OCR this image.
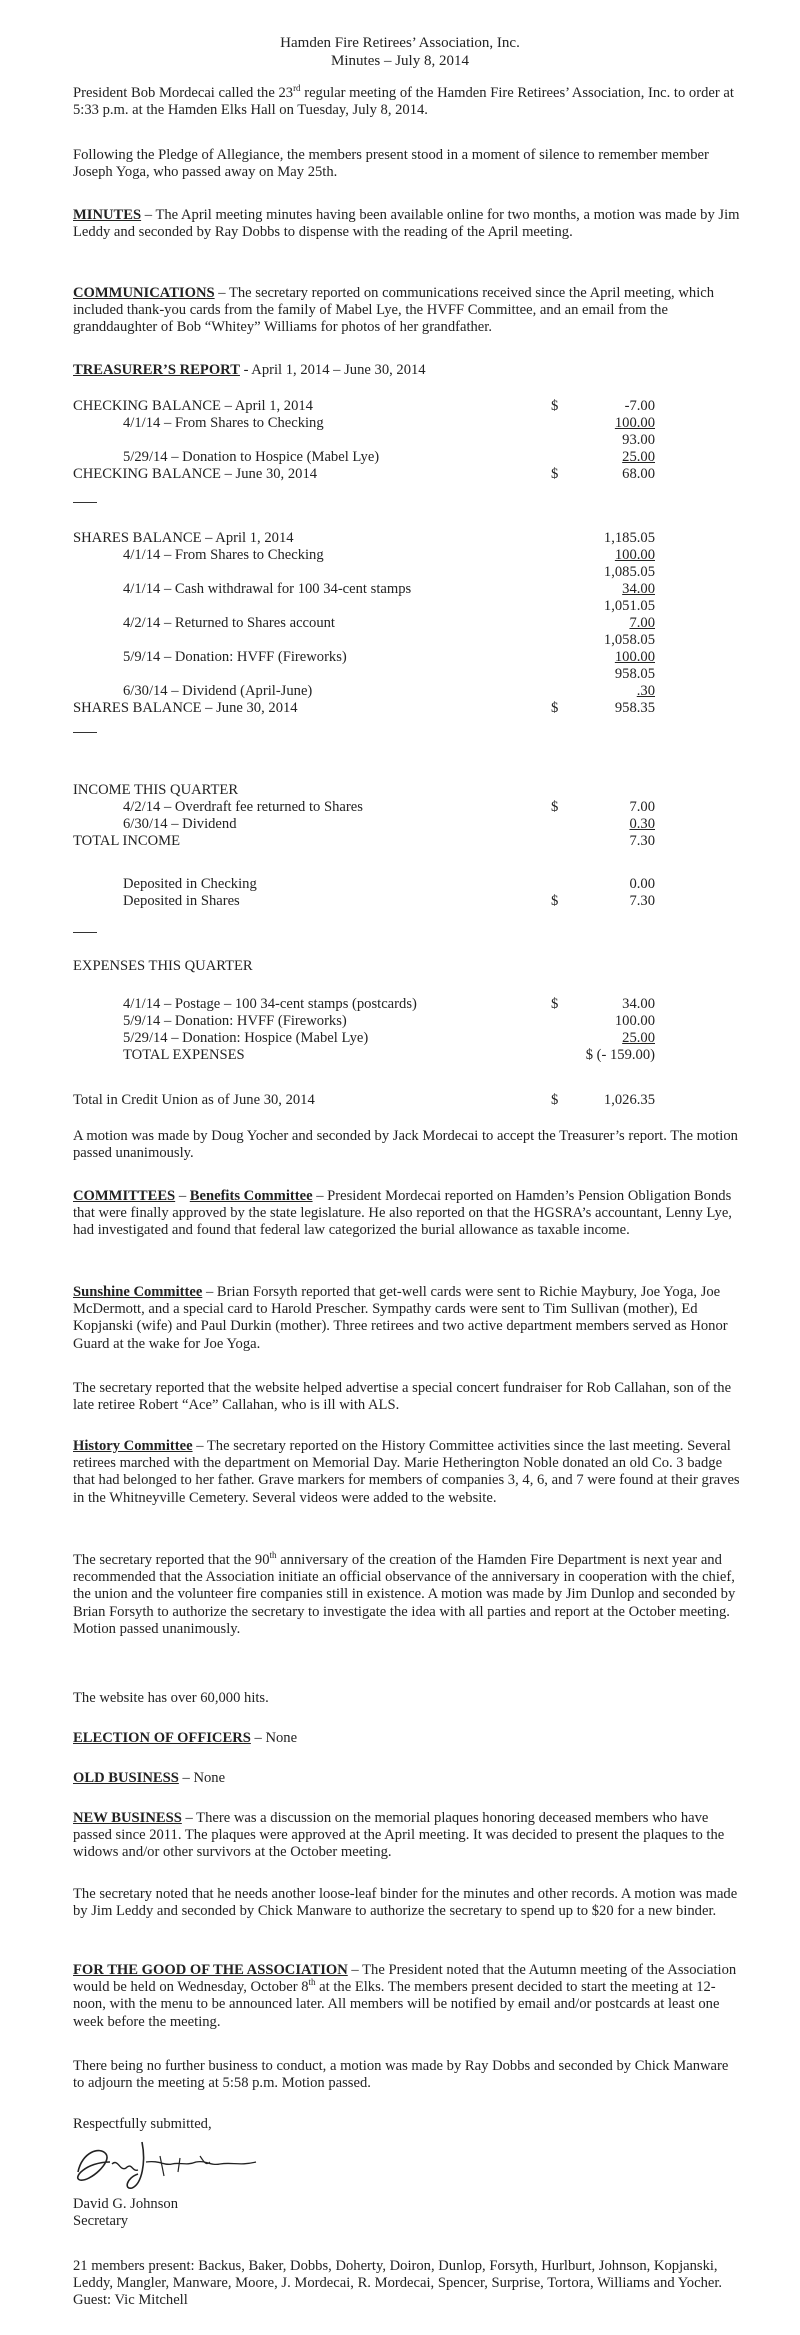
Hamden Fire Retirees’ Association, Inc.
Minutes – July 8, 2014

President Bob Mordecai called the 23rd regular meeting of the Hamden Fire Retirees’ Association, Inc. to order at 5:33 p.m. at the Hamden Elks Hall on Tuesday, July 8, 2014.

Following the Pledge of Allegiance, the members present stood in a moment of silence to remember member Joseph Yoga, who passed away on May 25th.

MINUTES – The April meeting minutes having been available online for two months, a motion was made by Jim Leddy and seconded by Ray Dobbs to dispense with the reading of the April meeting.

COMMUNICATIONS – The secretary reported on communications received since the April meeting, which included thank-you cards from the family of Mabel Lye, the HVFF Committee, and an email from the granddaughter of Bob “Whitey” Williams for photos of her grandfather.

TREASURER’S REPORT - April 1, 2014 – June 30, 2014

CHECKING BALANCE – April 1, 2014	$	-7.00
4/1/14 – From Shares to Checking	100.00
93.00
5/29/14 – Donation to Hospice (Mabel Lye)	25.00
CHECKING BALANCE – June 30, 2014	$	68.00
SHARES BALANCE – April 1, 2014	1,185.05
4/1/14 – From Shares to Checking	100.00
1,085.05
4/1/14 – Cash withdrawal for 100 34-cent stamps	34.00
1,051.05
4/2/14 – Returned to Shares account	7.00
1,058.05
5/9/14 – Donation: HVFF (Fireworks)	100.00
958.05
6/30/14 – Dividend (April-June)	.30
SHARES BALANCE – June 30, 2014	$	958.35
INCOME THIS QUARTER
4/2/14 – Overdraft fee returned to Shares	$	7.00
6/30/14 – Dividend	0.30
TOTAL INCOME	7.30
Deposited in Checking	0.00
Deposited in Shares	$	7.30
EXPENSES THIS QUARTER
4/1/14 – Postage – 100 34-cent stamps (postcards)	$	34.00
5/9/14 – Donation: HVFF (Fireworks)	100.00
5/29/14 – Donation: Hospice (Mabel Lye)	25.00
TOTAL EXPENSES	$ (- 159.00)
Total in Credit Union as of June 30, 2014	$	1,026.35

A motion was made by Doug Yocher and seconded by Jack Mordecai to accept the Treasurer’s report. The motion passed unanimously.

COMMITTEES – Benefits Committee – President Mordecai reported on Hamden’s Pension Obligation Bonds that were finally approved by the state legislature. He also reported on that the HGSRA’s accountant, Lenny Lye, had investigated and found that federal law categorized the burial allowance as taxable income.

Sunshine Committee – Brian Forsyth reported that get-well cards were sent to Richie Maybury, Joe Yoga, Joe McDermott, and a special card to Harold Prescher. Sympathy cards were sent to Tim Sullivan (mother), Ed Kopjanski (wife) and Paul Durkin (mother). Three retirees and two active department members served as Honor Guard at the wake for Joe Yoga.

The secretary reported that the website helped advertise a special concert fundraiser for Rob Callahan, son of the late retiree Robert “Ace” Callahan, who is ill with ALS.

History Committee – The secretary reported on the History Committee activities since the last meeting. Several retirees marched with the department on Memorial Day. Marie Hetherington Noble donated an old Co. 3 badge that had belonged to her father. Grave markers for members of companies 3, 4, 6, and 7 were found at their graves in the Whitneyville Cemetery. Several videos were added to the website.

The secretary reported that the 90th anniversary of the creation of the Hamden Fire Department is next year and recommended that the Association initiate an official observance of the anniversary in cooperation with the chief, the union and the volunteer fire companies still in existence. A motion was made by Jim Dunlop and seconded by Brian Forsyth to authorize the secretary to investigate the idea with all parties and report at the October meeting. Motion passed unanimously.

The website has over 60,000 hits.

ELECTION OF OFFICERS – None

OLD BUSINESS – None

NEW BUSINESS – There was a discussion on the memorial plaques honoring deceased members who have passed since 2011. The plaques were approved at the April meeting. It was decided to present the plaques to the widows and/or other survivors at the October meeting.

The secretary noted that he needs another loose-leaf binder for the minutes and other records. A motion was made by Jim Leddy and seconded by Chick Manware to authorize the secretary to spend up to $20 for a new binder.

FOR THE GOOD OF THE ASSOCIATION – The President noted that the Autumn meeting of the Association would be held on Wednesday, October 8th at the Elks. The members present decided to start the meeting at 12-noon, with the menu to be announced later. All members will be notified by email and/or postcards at least one week before the meeting.

There being no further business to conduct, a motion was made by Ray Dobbs and seconded by Chick Manware to adjourn the meeting at 5:58 p.m. Motion passed.

Respectfully submitted,

David G. Johnson

Secretary

21 members present: Backus, Baker, Dobbs, Doherty, Doiron, Dunlop, Forsyth, Hurlburt, Johnson, Kopjanski, Leddy, Mangler, Manware, Moore, J. Mordecai, R. Mordecai, Spencer, Surprise, Tortora, Williams and Yocher. Guest: Vic Mitchell
